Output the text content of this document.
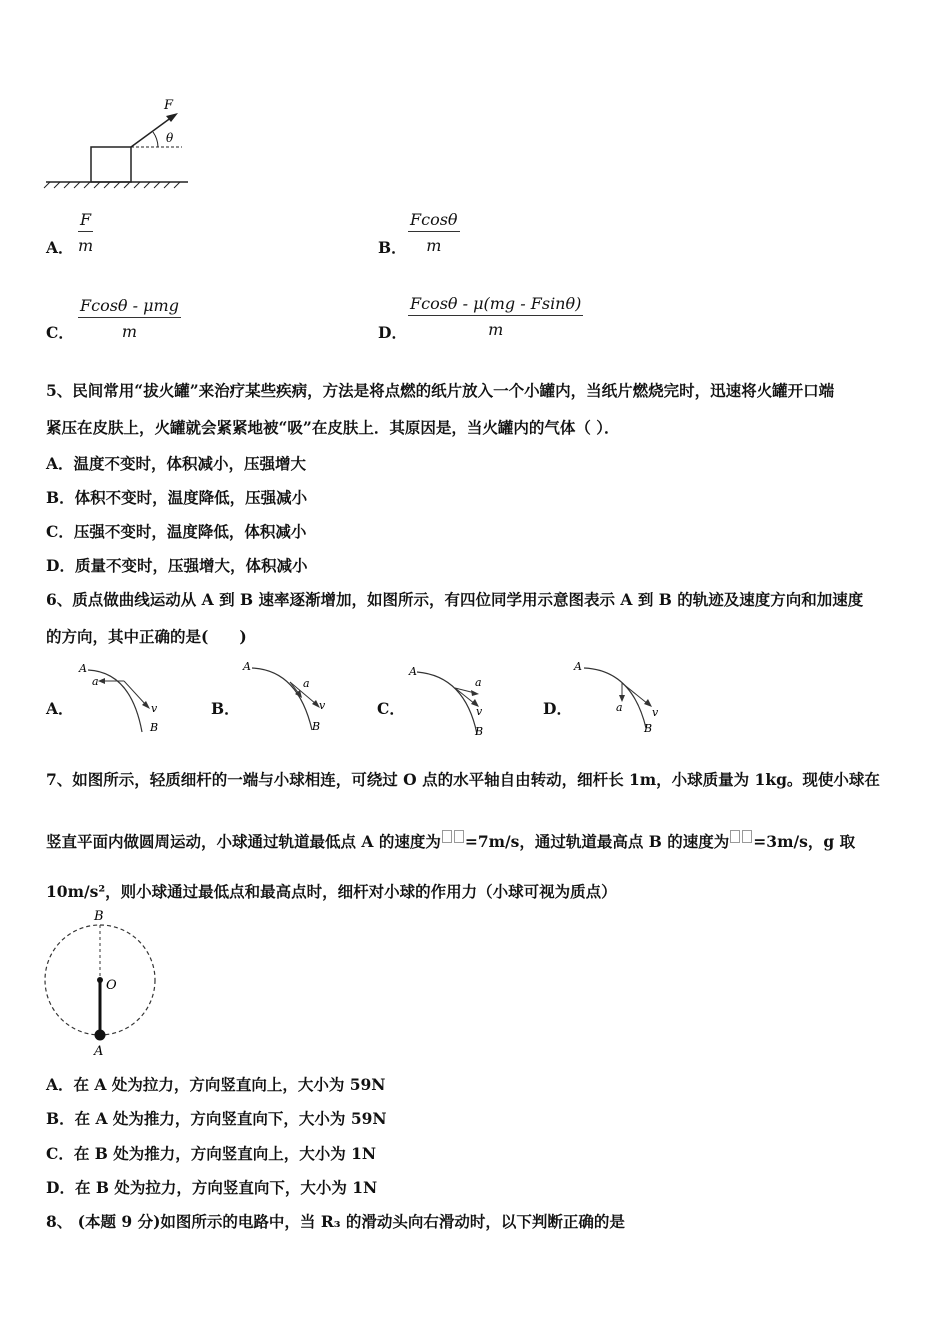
F
θ
A．
F
m	B．
Fcosθ
m
C．
Fcosθ - μmg
m	D．
Fcosθ - μ(mg - Fsinθ)
m
5、民间常用“拔火罐”来治疗某些疾病，方法是将点燃的纸片放入一个小罐内，当纸片燃烧完时，迅速将火罐开口端
紧压在皮肤上，火罐就会紧紧地被“吸”在皮肤上．其原因是，当火罐内的气体（ ）．
A．温度不变时，体积减小，压强增大
B．体积不变时，温度降低，压强减小
C．压强不变时，温度降低，体积减小
D．质量不变时，压强增大，体积减小
6、质点做曲线运动从 A 到 B 速率逐渐增加，如图所示，有四位同学用示意图表示 A 到 B 的轨迹及速度方向和加速度
的方向，其中正确的是(　　)
A．
A
a
v
B
B．
A
a
v
B
C．
A
a
v
B
D．
A
a	v
B
7、如图所示，轻质细杆的一端与小球相连，可绕过 O 点的水平轴自由转动，细杆长 1m，小球质量为 1kg。现使小球在
竖直平面内做圆周运动，小球通过轨道最低点 A 的速度为 =7m/s，通过轨道最高点 B 的速度为 =3m/s，g 取
10m/s²，则小球通过最低点和最高点时，细杆对小球的作用力（小球可视为质点）
B
O
A
A．在 A 处为拉力，方向竖直向上，大小为 59N
B．在 A 处为推力，方向竖直向下，大小为 59N
C．在 B 处为推力，方向竖直向上，大小为 1N
D．在 B 处为拉力，方向竖直向下，大小为 1N
8、 (本题 9 分)如图所示的电路中，当 R₃ 的滑动头向右滑动时，以下判断正确的是
